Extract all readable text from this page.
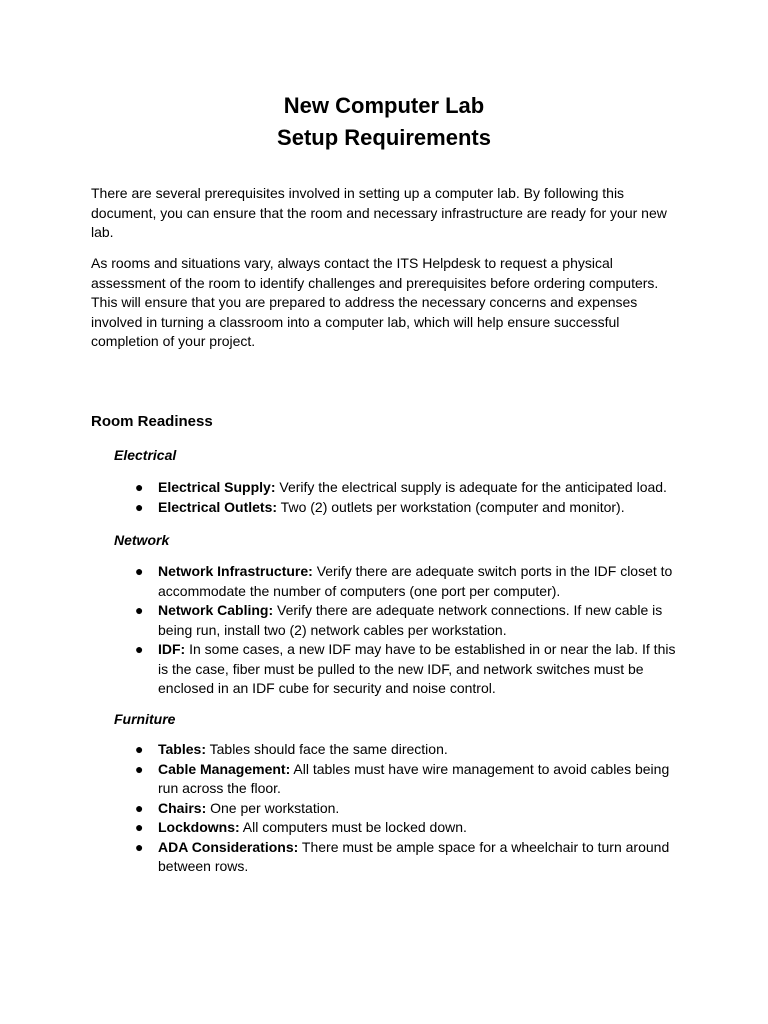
New Computer Lab
Setup Requirements

There are several prerequisites involved in setting up a computer lab. By following this document, you can ensure that the room and necessary infrastructure are ready for your new lab.

As rooms and situations vary, always contact the ITS Helpdesk to request a physical assessment of the room to identify challenges and prerequisites before ordering computers. This will ensure that you are prepared to address the necessary concerns and expenses involved in turning a classroom into a computer lab, which will help ensure successful completion of your project.

Room Readiness
Electrical
● Electrical Supply: Verify the electrical supply is adequate for the anticipated load.
● Electrical Outlets: Two (2) outlets per workstation (computer and monitor).
Network
● Network Infrastructure: Verify there are adequate switch ports in the IDF closet to accommodate the number of computers (one port per computer).
● Network Cabling: Verify there are adequate network connections. If new cable is being run, install two (2) network cables per workstation.
● IDF: In some cases, a new IDF may have to be established in or near the lab. If this is the case, fiber must be pulled to the new IDF, and network switches must be enclosed in an IDF cube for security and noise control.
Furniture
● Tables: Tables should face the same direction.
● Cable Management: All tables must have wire management to avoid cables being run across the floor.
● Chairs: One per workstation.
● Lockdowns: All computers must be locked down.
● ADA Considerations: There must be ample space for a wheelchair to turn around between rows.
